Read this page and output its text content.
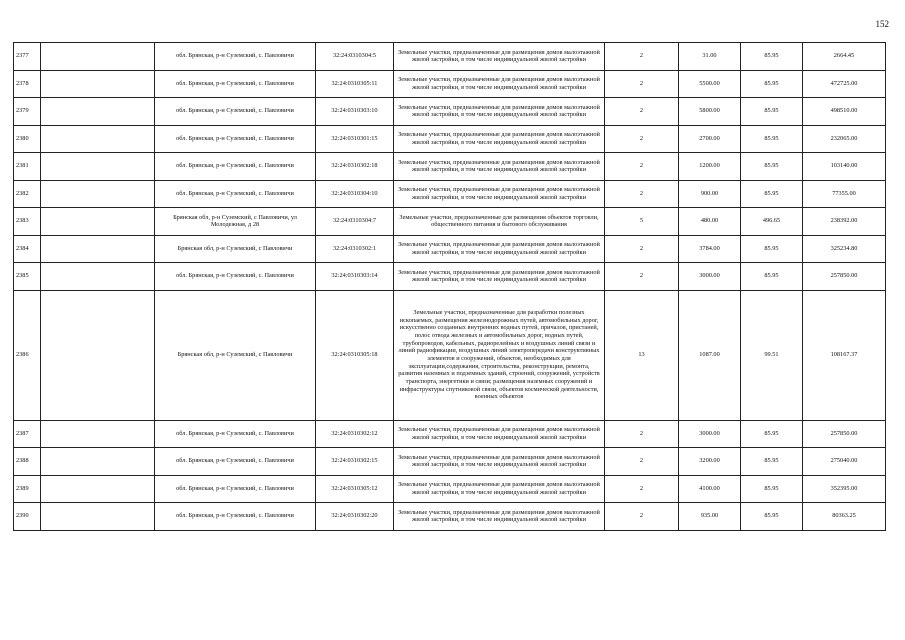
152
2377		обл. Брянская, р-н Суземский, с. Павловичи	32:24:0310304:5	Земельные участки, предназначенные для размещения домов малоэтажной жилой застройки, в том числе индивидуальной жилой застройки	2	31.00	85.95	2664.45
2378		обл. Брянская, р-н Суземский, с. Павловичи	32:24:0310305:11	Земельные участки, предназначенные для размещения домов малоэтажной жилой застройки, в том числе индивидуальной жилой застройки	2	5500.00	85.95	472725.00
2379		обл. Брянская, р-н Суземский, с. Павловичи	32:24:0310303:10	Земельные участки, предназначенные для размещения домов малоэтажной жилой застройки, в том числе индивидуальной жилой застройки	2	5800.00	85.95	498510.00
2380		обл. Брянская, р-н Суземский, с. Павловичи	32:24:0310301:15	Земельные участки, предназначенные для размещения домов малоэтажной жилой застройки, в том числе индивидуальной жилой застройки	2	2700.00	85.95	232065.00
2381		обл. Брянская, р-н Суземский, с. Павловичи	32:24:0310302:18	Земельные участки, предназначенные для размещения домов малоэтажной жилой застройки, в том числе индивидуальной жилой застройки	2	1200.00	85.95	103140.00
2382		обл. Брянская, р-н Суземский, с. Павловичи	32:24:0310304:10	Земельные участки, предназначенные для размещения домов малоэтажной жилой застройки, в том числе индивидуальной жилой застройки	2	900.00	85.95	77355.00
2383		Брянская обл, р-н Суземский, с Павловичи, ул Молодежная, д 28	32:24:0310304:7	Земельные участки, предназначенные для размещения объектов торговли, общественного питания и бытового обслуживания	5	480.00	496.65	238392.00
2384		Брянская обл, р-н Суземский, с Павловичи	32:24:0310302:1	Земельные участки, предназначенные для размещения домов малоэтажной жилой застройки, в том числе индивидуальной жилой застройки	2	3784.00	85.95	325234.80
2385		обл. Брянская, р-н Суземский, с. Павловичи	32:24:0310303:14	Земельные участки, предназначенные для размещения домов малоэтажной жилой застройки, в том числе индивидуальной жилой застройки	2	3000.00	85.95	257850.00
2386		Брянская обл, р-н Суземский, с Павловичи	32:24:0310305:18	Земельные участки, предназначенные для разработки полезных ископаемых, размещения железнодорожных путей, автомобильных дорог, искусственно созданных внутренних водных путей, причалов, пристаней, полос отвода железных и автомобильных дорог, водных путей, трубопроводов, кабельных, радиорелейных и воздушных линий связи и линий радиофикации, воздушных линий электропередачи конструктивных элементов и сооружений, объектов, необходимых для эксплуатации,содержания, строительства, реконструкции, ремонта, развития наземных и подземных зданий, строений, сооружений, устройств транспорта, энергетики и связи; размещения наземных сооружений и инфраструктуры спутниковой связи, объектов космической деятельности, военных объектов	13	1087.00	99.51	108167.37
2387		обл. Брянская, р-н Суземский, с. Павловичи	32:24:0310302:12	Земельные участки, предназначенные для размещения домов малоэтажной жилой застройки, в том числе индивидуальной жилой застройки	2	3000.00	85.95	257850.00
2388		обл. Брянская, р-н Суземский, с. Павловичи	32:24:0310302:15	Земельные участки, предназначенные для размещения домов малоэтажной жилой застройки, в том числе индивидуальной жилой застройки	2	3200.00	85.95	275040.00
2389		обл. Брянская, р-н Суземский, с. Павловичи	32:24:0310305:12	Земельные участки, предназначенные для размещения домов малоэтажной жилой застройки, в том числе индивидуальной жилой застройки	2	4100.00	85.95	352395.00
2390		обл. Брянская, р-н Суземский, с. Павловичи	32:24:0310302:20	Земельные участки, предназначенные для размещения домов малоэтажной жилой застройки, в том числе индивидуальной жилой застройки	2	935.00	85.95	80363.25
